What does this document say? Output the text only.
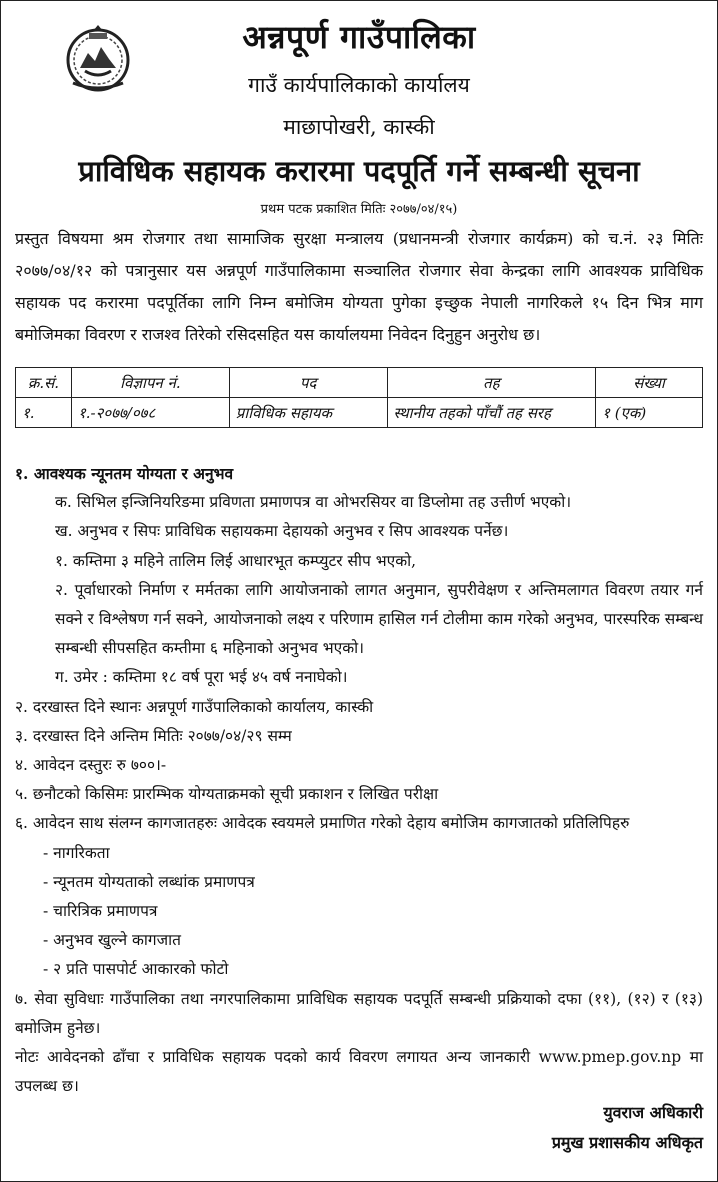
अन्नपूर्ण गाउँपालिका
गाउँ कार्यपालिकाको कार्यालय
माछापोखरी, कास्की
प्राविधिक सहायक करारमा पदपूर्ति गर्ने सम्बन्धी सूचना
प्रथम पटक प्रकाशित मितिः २०७७/०४/१५)
प्रस्तुत विषयमा श्रम रोजगार तथा सामाजिक सुरक्षा मन्त्रालय (प्रधानमन्त्री रोजगार कार्यक्रम) को च.नं. २३ मितिः २०७७/०४/१२ को पत्रानुसार यस अन्नपूर्ण गाउँपालिकामा सञ्चालित रोजगार सेवा केन्द्रका लागि आवश्यक प्राविधिक सहायक पद करारमा पदपूर्तिका लागि निम्न बमोजिम योग्यता पुगेका इच्छुक नेपाली नागरिकले १५ दिन भित्र माग बमोजिमका विवरण र राजश्व तिरेको रसिदसहित यस कार्यालयमा निवेदन दिनुहुन अनुरोध छ।
क्र.सं.	विज्ञापन नं.	पद	तह	संख्या
१.	१.-२०७७/०७८	प्राविधिक सहायक	स्थानीय तहको पाँचौं तह सरह	१ (एक)
१. आवश्यक न्यूनतम योग्यता र अनुभव
क. सिभिल इन्जिनियरिङमा प्रविणता प्रमाणपत्र वा ओभरसियर वा डिप्लोमा तह उत्तीर्ण भएको।
ख. अनुभव र सिपः प्राविधिक सहायकमा देहायको अनुभव र सिप आवश्यक पर्नेछ।
१. कम्तिमा ३ महिने तालिम लिई आधारभूत कम्प्युटर सीप भएको,
२. पूर्वाधारको निर्माण र मर्मतका लागि आयोजनाको लागत अनुमान, सुपरीवेक्षण र अन्तिमलागत विवरण तयार गर्न सक्ने र विश्लेषण गर्न सक्ने, आयोजनाको लक्ष्य र परिणाम हासिल गर्न टोलीमा काम गरेको अनुभव, पारस्परिक सम्बन्ध सम्बन्धी सीपसहित कम्तीमा ६ महिनाको अनुभव भएको।
ग. उमेर : कम्तिमा १८ वर्ष पूरा भई ४५ वर्ष ननाघेको।
२. दरखास्त दिने स्थानः अन्नपूर्ण गाउँपालिकाको कार्यालय, कास्की
३. दरखास्त दिने अन्तिम मितिः २०७७/०४/२९ सम्म
४. आवेदन दस्तुरः रु ७००।-
५. छनौटको किसिमः प्रारम्भिक योग्यताक्रमको सूची प्रकाशन र लिखित परीक्षा
६. आवेदन साथ संलग्न कागजातहरुः आवेदक स्वयमले प्रमाणित गरेको देहाय बमोजिम कागजातको प्रतिलिपिहरु
- नागरिकता
- न्यूनतम योग्यताको लब्धांक प्रमाणपत्र
- चारित्रिक प्रमाणपत्र
- अनुभव खुल्ने कागजात
- २ प्रति पासपोर्ट आकारको फोटो
७. सेवा सुविधाः गाउँपालिका तथा नगरपालिकामा प्राविधिक सहायक पदपूर्ति सम्बन्धी प्रक्रियाको दफा (११), (१२) र (१३) बमोजिम हुनेछ।
नोटः आवेदनको ढाँचा र प्राविधिक सहायक पदको कार्य विवरण लगायत अन्य जानकारी www.pmep.gov.np मा उपलब्ध छ।
युवराज अधिकारी
प्रमुख प्रशासकीय अधिकृत
